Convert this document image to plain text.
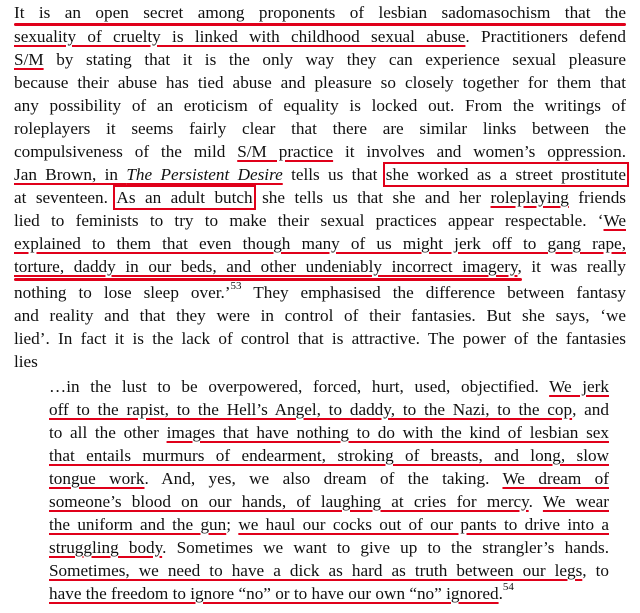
It is an open secret among proponents of lesbian sadomasochism that the
sexuality of cruelty is linked with childhood sexual abuse. Practitioners defend
S/M by stating that it is the only way they can experience sexual pleasure
because their abuse has tied abuse and pleasure so closely together for them that
any possibility of an eroticism of equality is locked out. From the writings of
roleplayers it seems fairly clear that there are similar links between the
compulsiveness of the mild S/M practice it involves and women’s oppression.
Jan Brown, in The Persistent Desire tells us that she worked as a street prostitute
at seventeen. As an adult butch she tells us that she and her roleplaying friends
lied to feminists to try to make their sexual practices appear respectable. ‘We
explained to them that even though many of us might jerk off to gang rape,
torture, daddy in our beds, and other undeniably incorrect imagery, it was really
nothing to lose sleep over.’$^{53}$ They emphasised the difference between fantasy
and reality and that they were in control of their fantasies. But she says, ‘we
lied’. In fact it is the lack of control that is attractive. The power of the fantasies
lies
…in the lust to be overpowered, forced, hurt, used, objectified. We jerk
off to the rapist, to the Hell’s Angel, to daddy, to the Nazi, to the cop, and
to all the other images that have nothing to do with the kind of lesbian sex
that entails murmurs of endearment, stroking of breasts, and long, slow
tongue work. And, yes, we also dream of the taking. We dream of
someone’s blood on our hands, of laughing at cries for mercy. We wear
the uniform and the gun; we haul our cocks out of our pants to drive into a
struggling body. Sometimes we want to give up to the strangler’s hands.
Sometimes, we need to have a dick as hard as truth between our legs, to
have the freedom to ignore “no” or to have our own “no” ignored.$^{54}$
